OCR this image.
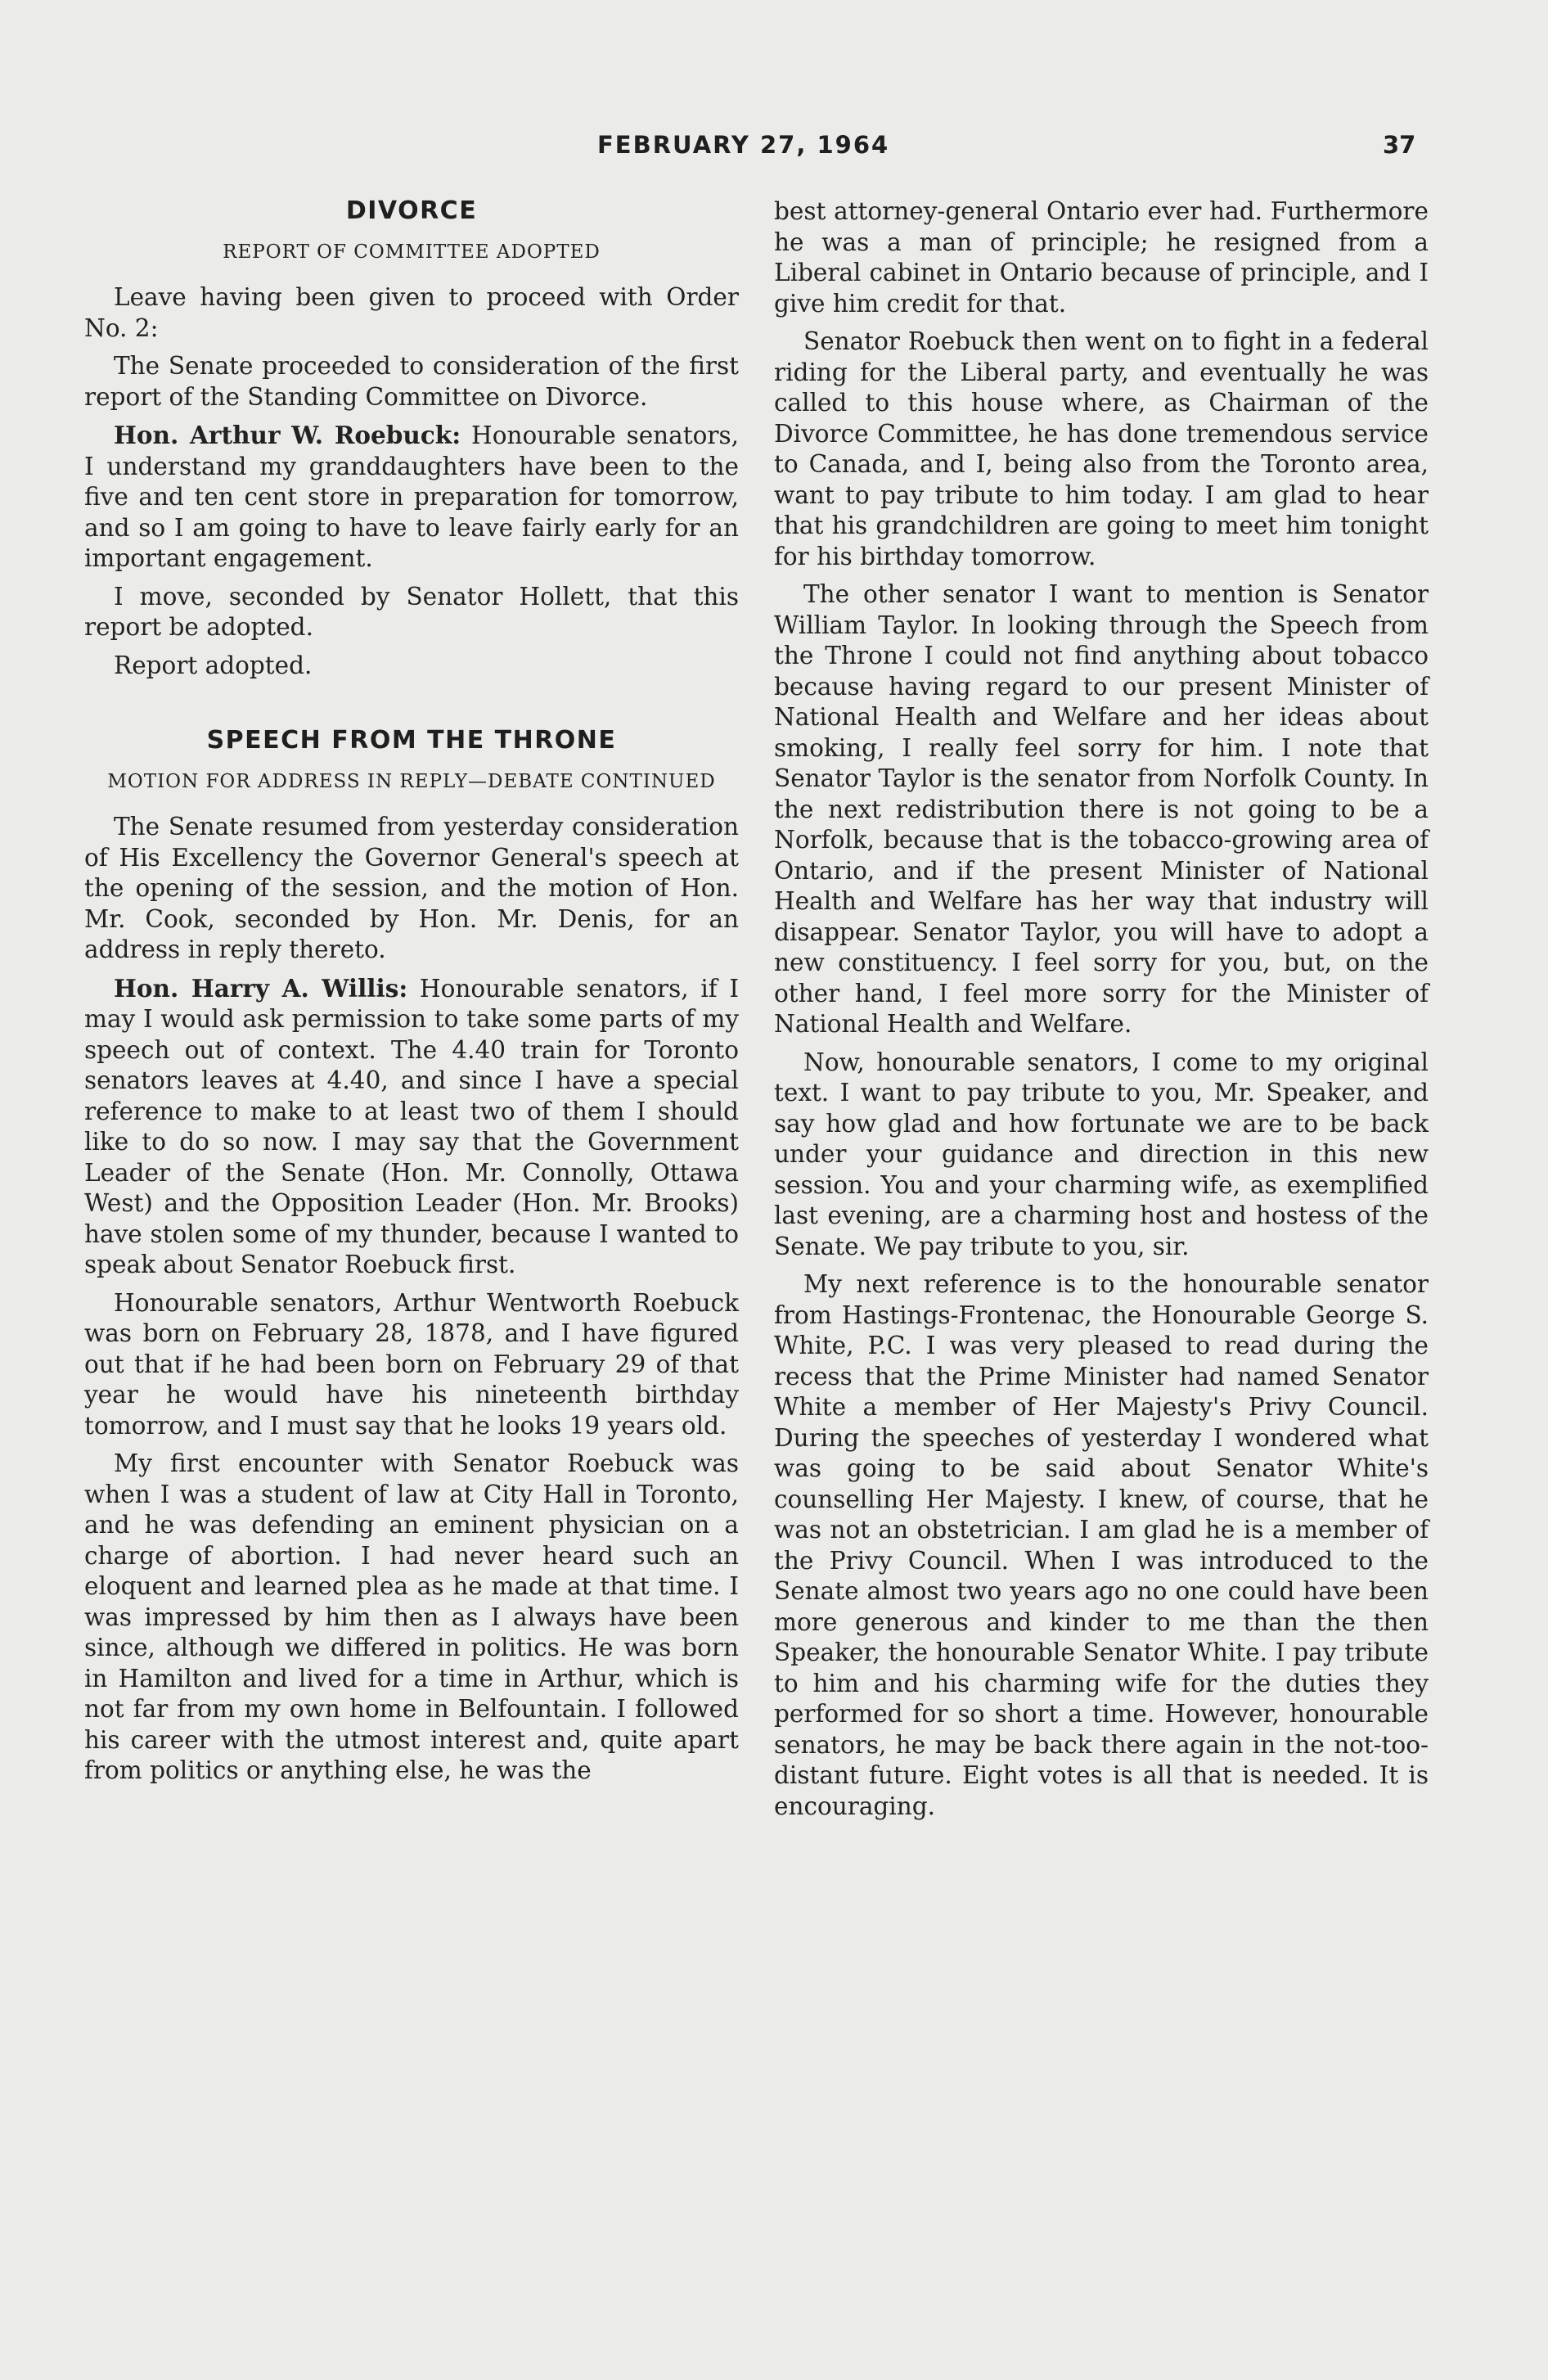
FEBRUARY 27, 1964	37
DIVORCE
REPORT OF COMMITTEE ADOPTED

Leave having been given to proceed with Order No. 2:

The Senate proceeded to consideration of the first report of the Standing Committee on Divorce.

Hon. Arthur W. Roebuck: Honourable senators, I understand my granddaughters have been to the five and ten cent store in preparation for tomorrow, and so I am going to have to leave fairly early for an important engagement.

I move, seconded by Senator Hollett, that this report be adopted.

Report adopted.

SPEECH FROM THE THRONE
MOTION FOR ADDRESS IN REPLY—DEBATE CONTINUED

The Senate resumed from yesterday consideration of His Excellency the Governor General's speech at the opening of the session, and the motion of Hon. Mr. Cook, seconded by Hon. Mr. Denis, for an address in reply thereto.

Hon. Harry A. Willis: Honourable senators, if I may I would ask permission to take some parts of my speech out of context. The 4.40 train for Toronto senators leaves at 4.40, and since I have a special reference to make to at least two of them I should like to do so now. I may say that the Government Leader of the Senate (Hon. Mr. Connolly, Ottawa West) and the Opposition Leader (Hon. Mr. Brooks) have stolen some of my thunder, because I wanted to speak about Senator Roebuck first.

Honourable senators, Arthur Wentworth Roebuck was born on February 28, 1878, and I have figured out that if he had been born on February 29 of that year he would have his nineteenth birthday tomorrow, and I must say that he looks 19 years old.

My first encounter with Senator Roebuck was when I was a student of law at City Hall in Toronto, and he was defending an eminent physician on a charge of abortion. I had never heard such an eloquent and learned plea as he made at that time. I was impressed by him then as I always have been since, although we differed in politics. He was born in Hamilton and lived for a time in Arthur, which is not far from my own home in Belfountain. I followed his career with the utmost interest and, quite apart from politics or anything else, he was the

best attorney-general Ontario ever had. Furthermore he was a man of principle; he resigned from a Liberal cabinet in Ontario because of principle, and I give him credit for that.

Senator Roebuck then went on to fight in a federal riding for the Liberal party, and eventually he was called to this house where, as Chairman of the Divorce Committee, he has done tremendous service to Canada, and I, being also from the Toronto area, want to pay tribute to him today. I am glad to hear that his grandchildren are going to meet him tonight for his birthday tomorrow.

The other senator I want to mention is Senator William Taylor. In looking through the Speech from the Throne I could not find anything about tobacco because having regard to our present Minister of National Health and Welfare and her ideas about smoking, I really feel sorry for him. I note that Senator Taylor is the senator from Norfolk County. In the next redistribution there is not going to be a Norfolk, because that is the tobacco-growing area of Ontario, and if the present Minister of National Health and Welfare has her way that industry will disappear. Senator Taylor, you will have to adopt a new constituency. I feel sorry for you, but, on the other hand, I feel more sorry for the Minister of National Health and Welfare.

Now, honourable senators, I come to my original text. I want to pay tribute to you, Mr. Speaker, and say how glad and how fortunate we are to be back under your guidance and direction in this new session. You and your charming wife, as exemplified last evening, are a charming host and hostess of the Senate. We pay tribute to you, sir.

My next reference is to the honourable senator from Hastings-Frontenac, the Honourable George S. White, P.C. I was very pleased to read during the recess that the Prime Minister had named Senator White a member of Her Majesty's Privy Council. During the speeches of yesterday I wondered what was going to be said about Senator White's counselling Her Majesty. I knew, of course, that he was not an obstetrician. I am glad he is a member of the Privy Council. When I was introduced to the Senate almost two years ago no one could have been more generous and kinder to me than the then Speaker, the honourable Senator White. I pay tribute to him and his charming wife for the duties they performed for so short a time. However, honourable senators, he may be back there again in the not-too-distant future. Eight votes is all that is needed. It is encouraging.
